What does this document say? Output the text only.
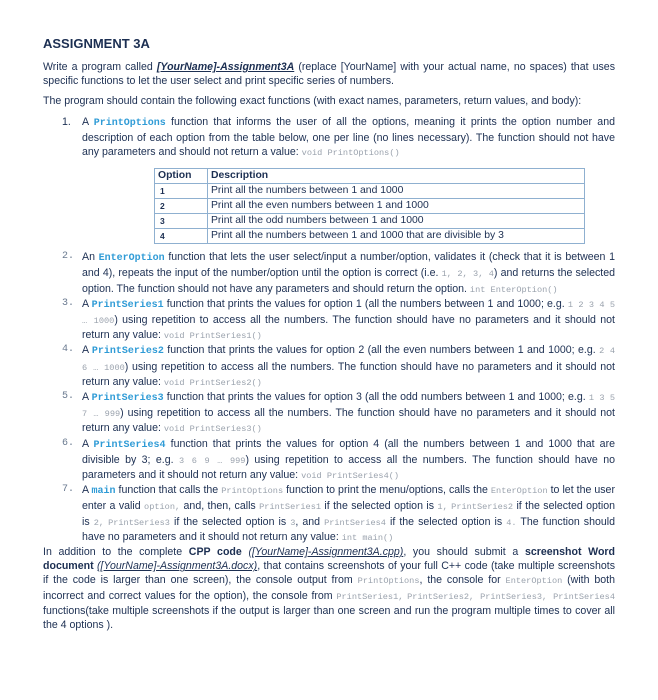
ASSIGNMENT 3A

Write a program called [YourName]-Assignment3A (replace [YourName] with your actual name, no spaces) that uses specific functions to let the user select and print specific series of numbers.

The program should contain the following exact functions (with exact names, parameters, return values, and body):

1. A PrintOptions function that informs the user of all the options, meaning it prints the option number and description of each option from the table below, one per line (no lines necessary). The function should not have any parameters and should not return a value: void PrintOptions()
Option	Description
1	Print all the numbers between 1 and 1000
2	Print all the even numbers between 1 and 1000
3	Print all the odd numbers between 1 and 1000
4	Print all the numbers between 1 and 1000 that are divisible by 3
2. An EnterOption function that lets the user select/input a number/option, validates it (check that it is between 1 and 4), repeats the input of the number/option until the option is correct (i.e. 1, 2, 3, 4) and returns the selected option. The function should not have any parameters and should return the option. int EnterOption()
3. A PrintSeries1 function that prints the values for option 1 (all the numbers between 1 and 1000; e.g. 1 2 3 4 5 … 1000) using repetition to access all the numbers. The function should have no parameters and it should not return any value: void PrintSeries1()
4. A PrintSeries2 function that prints the values for option 2 (all the even numbers between 1 and 1000; e.g. 2 4 6 … 1000) using repetition to access all the numbers. The function should have no parameters and it should not return any value: void PrintSeries2()
5. A PrintSeries3 function that prints the values for option 3 (all the odd numbers between 1 and 1000; e.g. 1 3 5 7 … 999) using repetition to access all the numbers. The function should have no parameters and it should not return any value: void PrintSeries3()
6. A PrintSeries4 function that prints the values for option 4 (all the numbers between 1 and 1000 that are divisible by 3; e.g. 3 6 9 … 999) using repetition to access all the numbers. The function should have no parameters and it should not return any value: void PrintSeries4()
7. A main function that calls the PrintOptions function to print the menu/options, calls the EnterOption to let the user enter a valid option, and, then, calls PrintSeries1 if the selected option is 1, PrintSeries2 if the selected option is 2, PrintSeries3 if the selected option is 3, and PrintSeries4 if the selected option is 4. The function should have no parameters and it should not return any value: int main()

In addition to the complete CPP code ([YourName]-Assignment3A.cpp), you should submit a screenshot Word document ([YourName]-Assignment3A.docx), that contains screenshots of your full C++ code (take multiple screenshots if the code is larger than one screen), the console output from PrintOptions, the console for EnterOption (with both incorrect and correct values for the option), the console from PrintSeries1, PrintSeries2, PrintSeries3, PrintSeries4 functions(take multiple screenshots if the output is larger than one screen and run the program multiple times to cover all the 4 options ).
